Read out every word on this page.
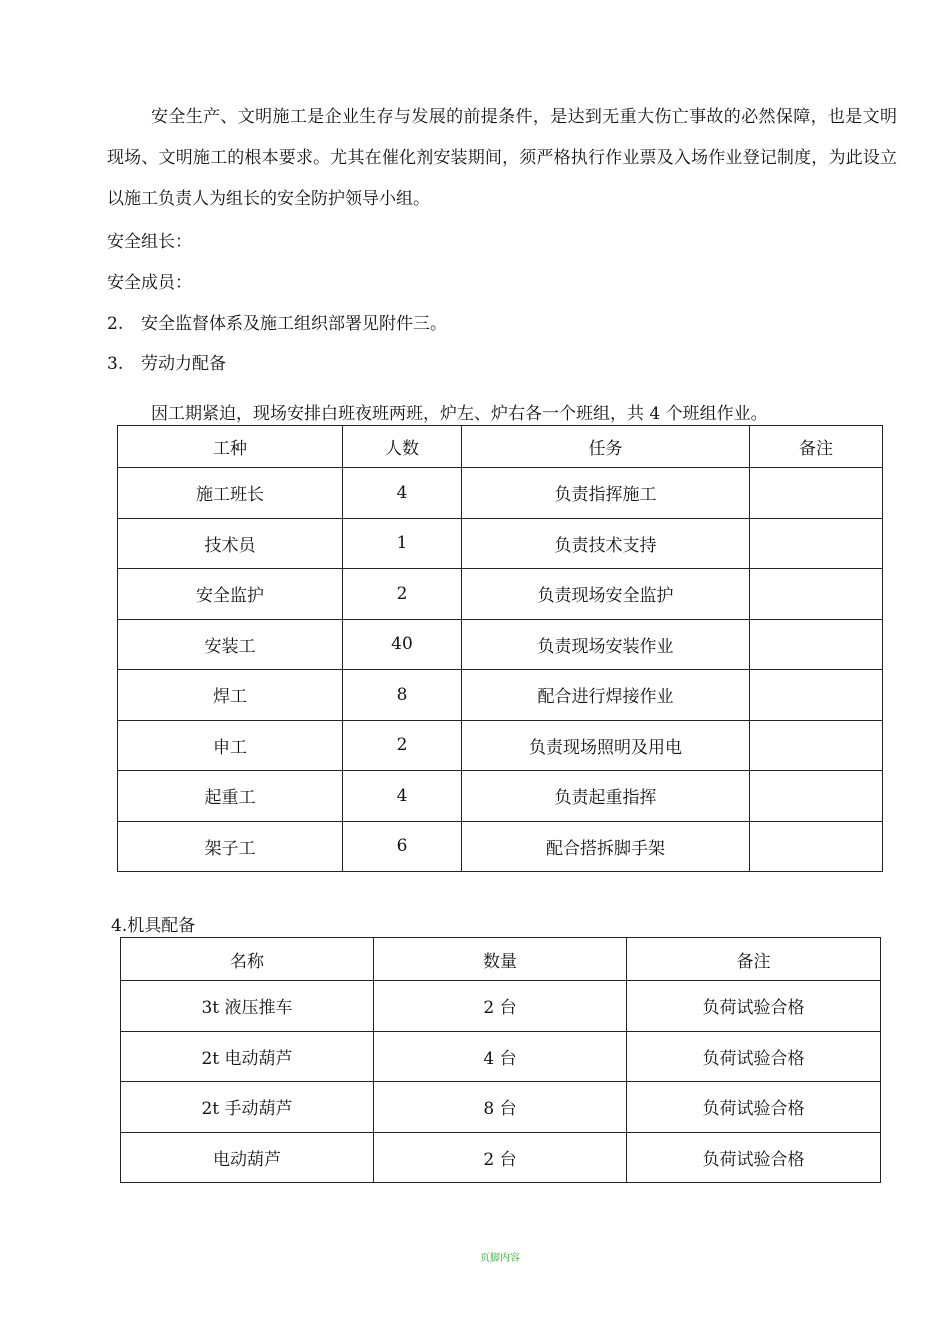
安全生产、文明施工是企业生存与发展的前提条件，是达到无重大伤亡事故的必然保障，也是文明现场、文明施工的根本要求。尤其在催化剂安装期间，须严格执行作业票及入场作业登记制度，为此设立以施工负责人为组长的安全防护领导小组。

安全组长：

安全成员：

2. 安全监督体系及施工组织部署见附件三。

3. 劳动力配备

因工期紧迫，现场安排白班夜班两班，炉左、炉右各一个班组，共 4 个班组作业。

工种	人数	任务	备注
施工班长	4	负责指挥施工	
技术员	1	负责技术支持	
安全监护	2	负责现场安全监护	
安装工	40	负责现场安装作业	
焊工	8	配合进行焊接作业	
申工	2	负责现场照明及用电	
起重工	4	负责起重指挥	
架子工	6	配合搭拆脚手架	

4.机具配备

名称	数量	备注
3t 液压推车	2 台	负荷试验合格
2t 电动葫芦	4 台	负荷试验合格
2t 手动葫芦	8 台	负荷试验合格
电动葫芦	2 台	负荷试验合格
页脚内容
